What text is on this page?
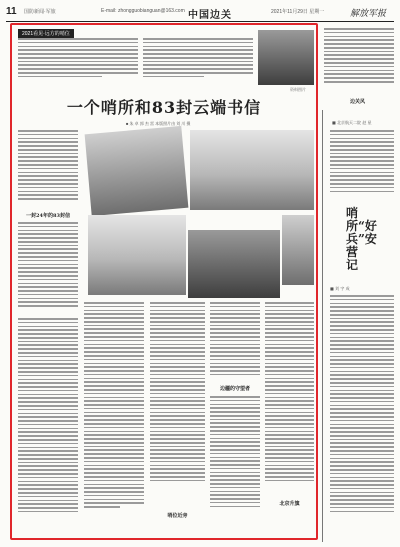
11 国防新闻·军旅	E-mail: zhongguobianguan@163.com 中国边关	2021年11月29日 星期一	解放军报
2021看见·远方的哨位
资料图片
一个哨所和83封云端书信
■ 朱 卓 郭 杰 雷 本版照片由 刘 川 摄
一封24年的83封信
哨位近旁
边疆的守望者
北京升旗
边关风
■ 北京航天二院 赵 星
哨所“好兵”安营记
■ 刘 宇 成
